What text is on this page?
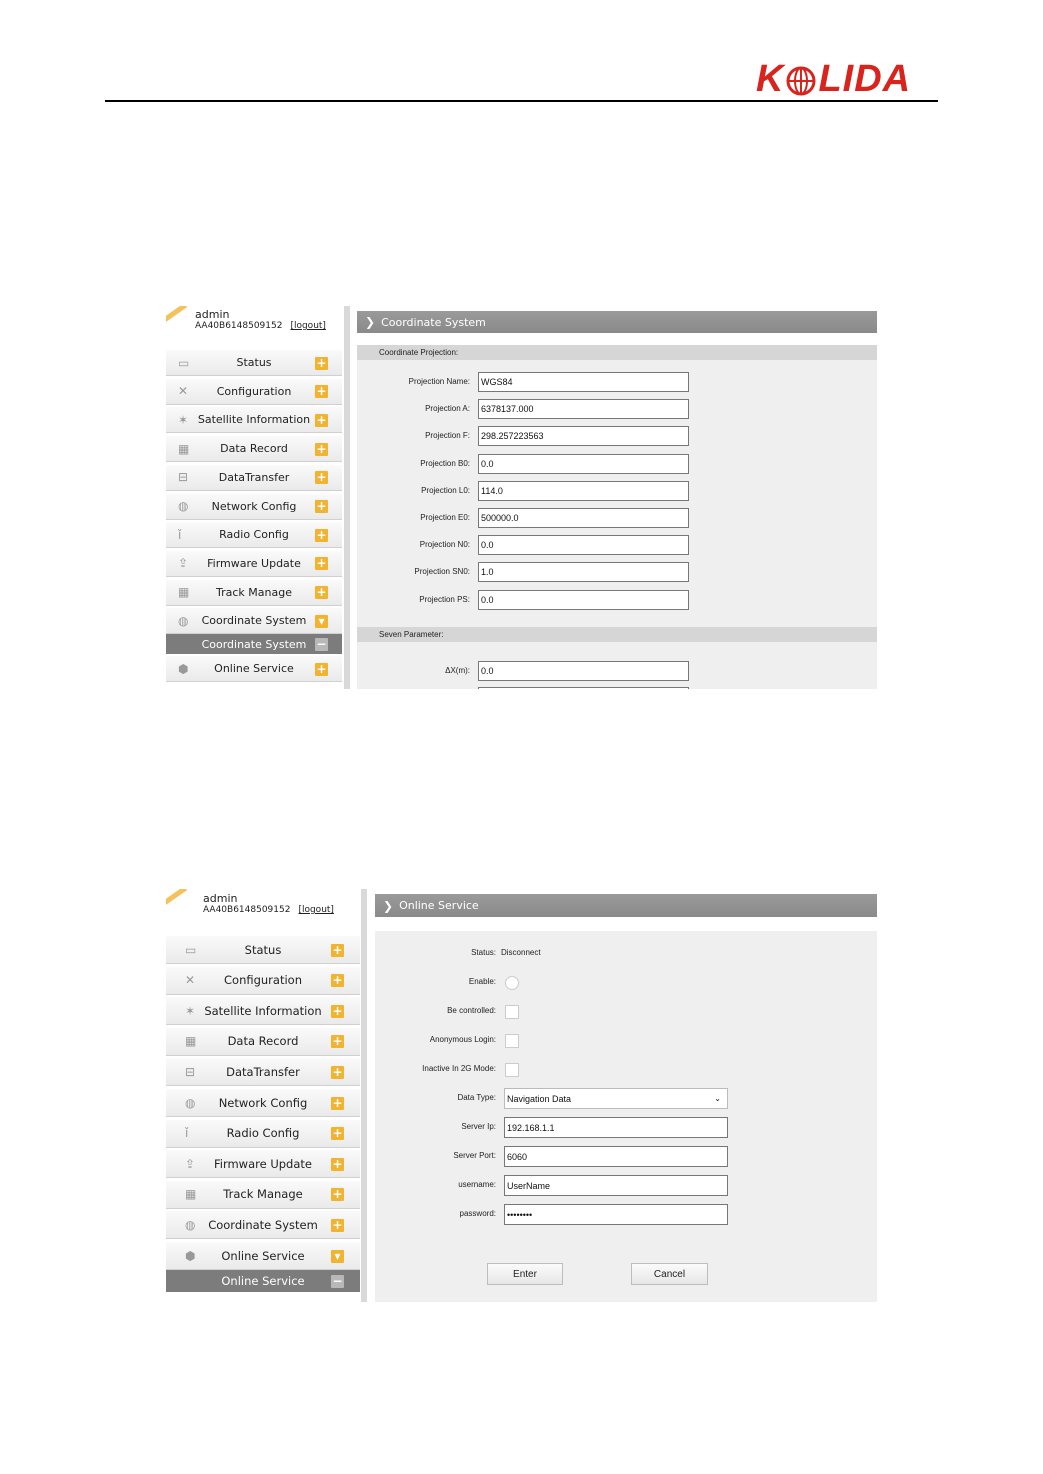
K LIDA
admin
AA40B6148509152 [logout]
▭	Status	+
✕	Configuration	+
✶ Satellite Information +
▦	Data Record	+
⊟	DataTransfer	+
◍	Network Config	+
ǐ	Radio Config	+
⇪	Firmware Update	+
▦	Track Manage	+
◍	Coordinate System	▾
Coordinate System −
⬢	Online Service	+
❯ Coordinate System
Coordinate Projection:
Projection Name:	WGS84
Projection A:	6378137.000
Projection F:	298.257223563
Projection B0:	0.0
Projection L0:	114.0
Projection E0:	500000.0
Projection N0:	0.0
Projection SN0:	1.0
Projection PS:	0.0
Seven Parameter:
ΔX(m):	0.0
admin
AA40B6148509152 [logout]
▭	Status	+
✕	Configuration	+
✶ Satellite Information +
▦	Data Record	+
⊟	DataTransfer	+
◍	Network Config	+
ǐ	Radio Config	+
⇪	Firmware Update	+
▦	Track Manage	+
◍	Coordinate System	+
⬢	Online Service	▾
Online Service	−
❯ Online Service
Status: Disconnect
Enable:
Be controlled:
Anonymous Login:
Inactive In 2G Mode:
Data Type: Navigation Data	⌄
Server Ip:	192.168.1.1
Server Port:	6060
username:	UserName
password:	••••••••
Enter	Cancel
